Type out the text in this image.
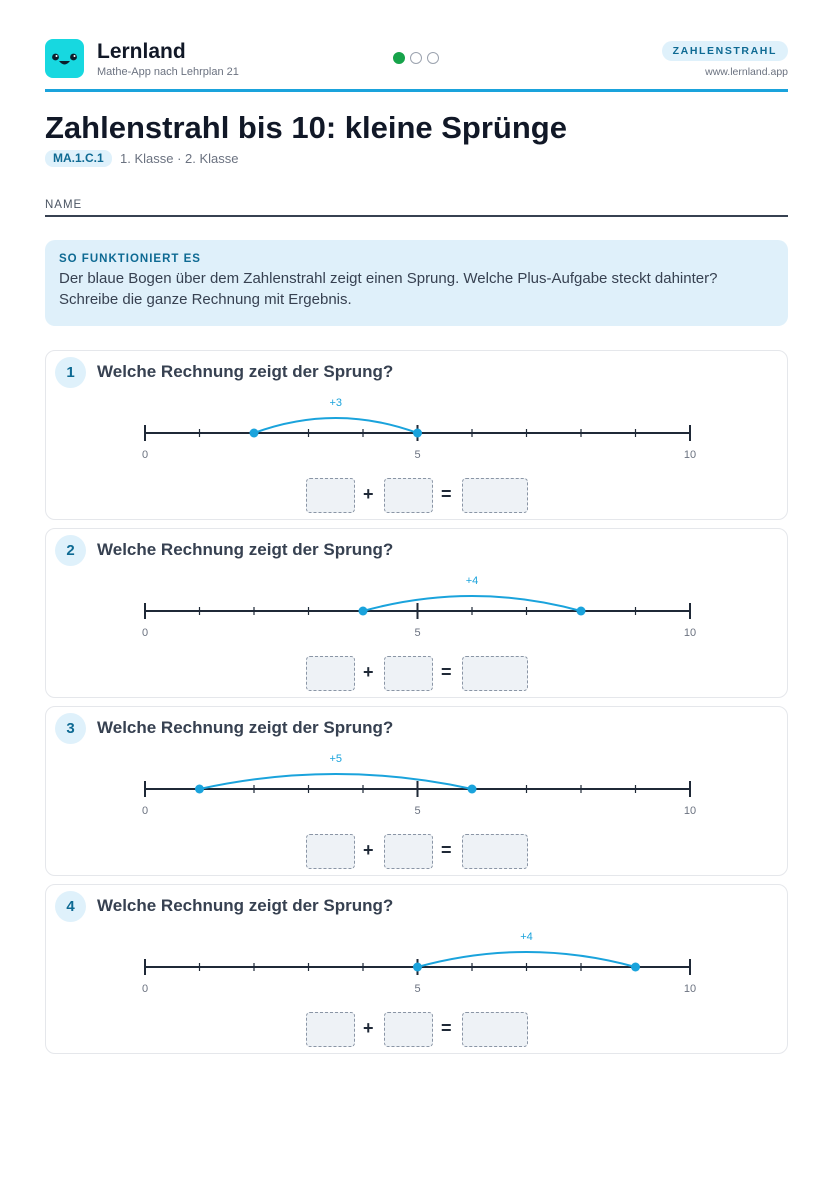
Lernland
Mathe-App nach Lehrplan 21
ZAHLENSTRAHL
www.lernland.app
Zahlenstrahl bis 10: kleine Sprünge
MA.1.C.1	1. Klasse · 2. Klasse
NAME
SO FUNKTIONIERT ES
Der blaue Bogen über dem Zahlenstrahl zeigt einen Sprung. Welche Plus-Aufgabe steckt dahinter? Schreibe die ganze Rechnung mit Ergebnis.
1	Welche Rechnung zeigt der Sprung?
+	=
0	5	10
+3
2	Welche Rechnung zeigt der Sprung?
+	=
0	5	10
+4
3	Welche Rechnung zeigt der Sprung?
+	=
0	5	10
+5
4	Welche Rechnung zeigt der Sprung?
+	=
0	5	10
+4
